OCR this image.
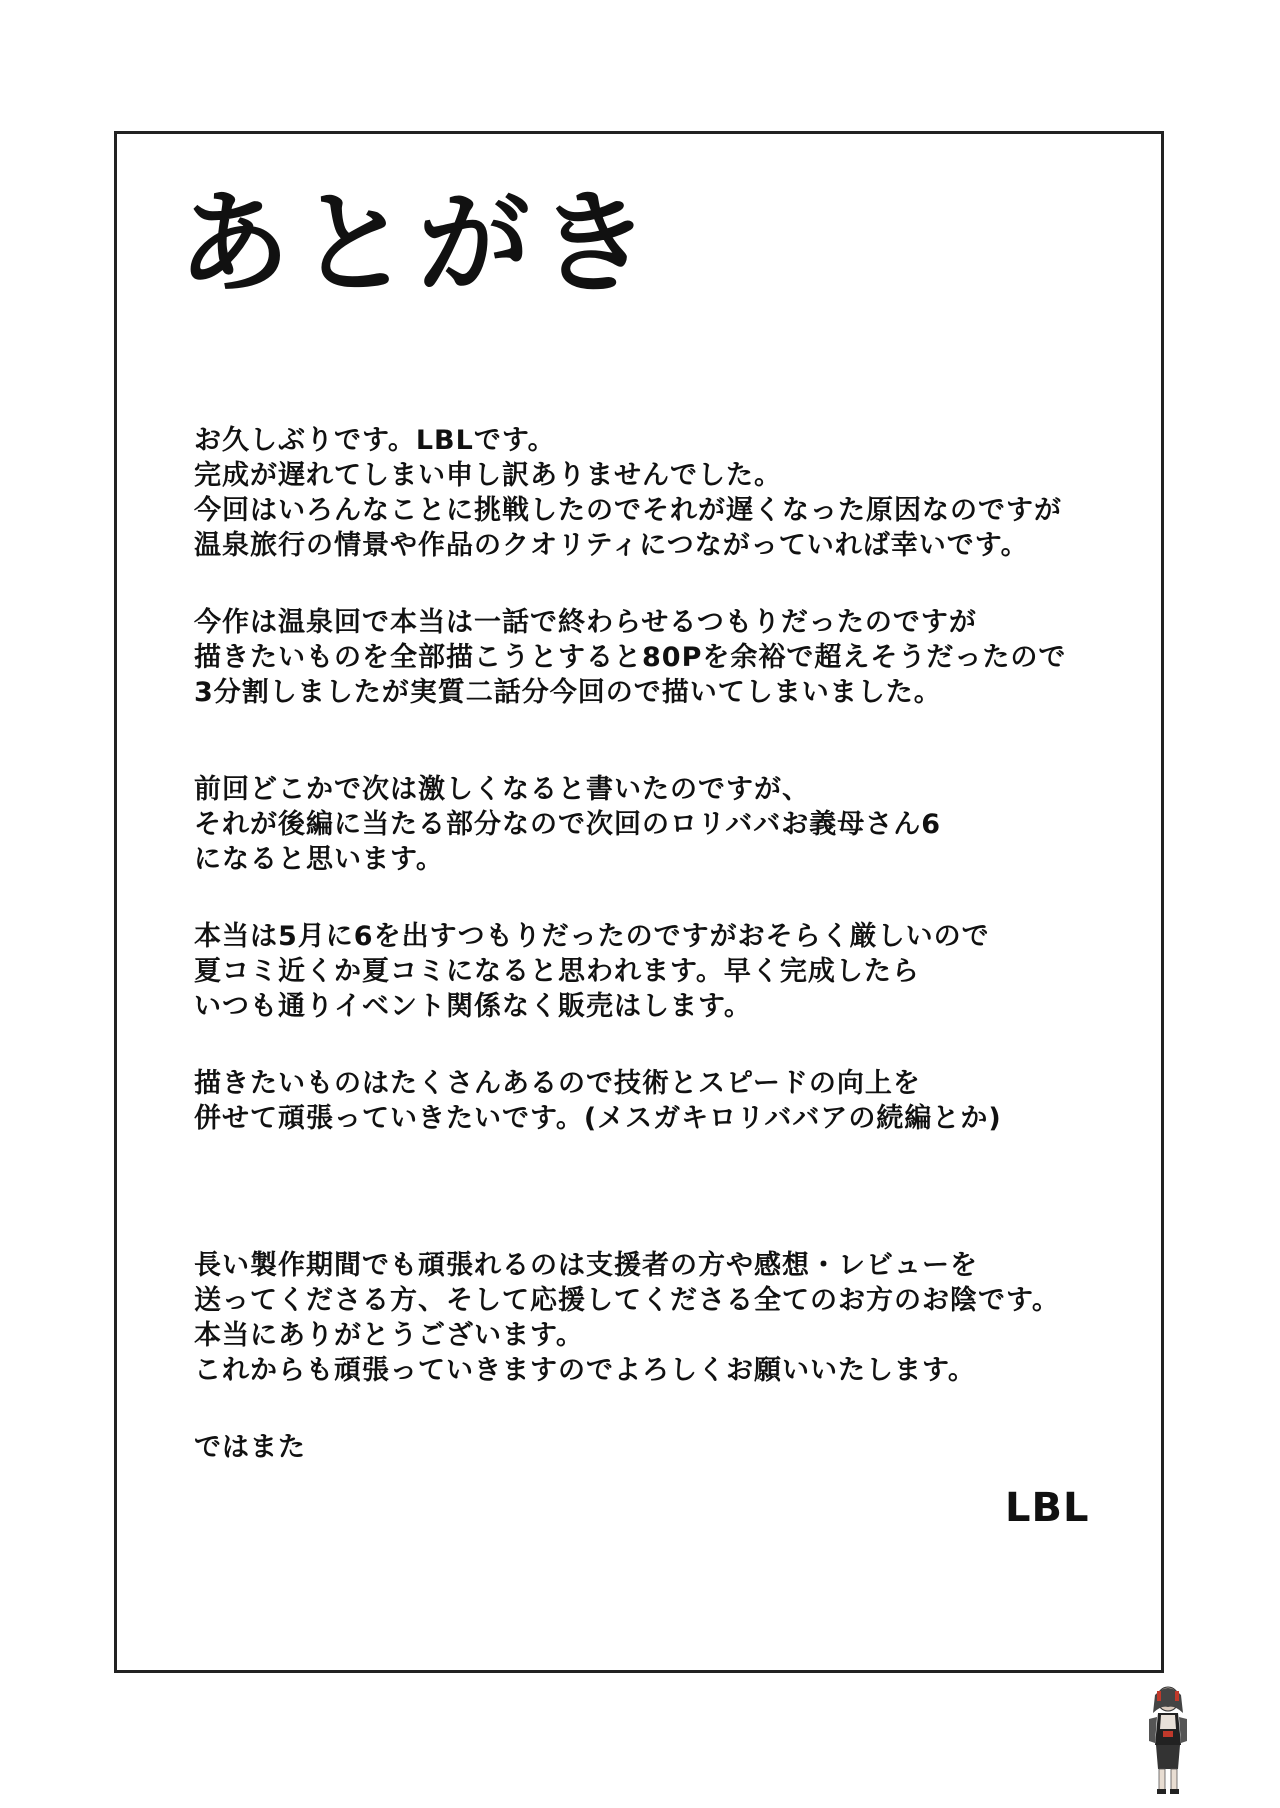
あとがき
お久しぶりです。LBLです。
完成が遅れてしまい申し訳ありませんでした。
今回はいろんなことに挑戦したのでそれが遅くなった原因なのですが
温泉旅行の情景や作品のクオリティにつながっていれば幸いです。
今作は温泉回で本当は一話で終わらせるつもりだったのですが
描きたいものを全部描こうとすると80Pを余裕で超えそうだったので
3分割しましたが実質二話分今回ので描いてしまいました。
前回どこかで次は激しくなると書いたのですが、
それが後編に当たる部分なので次回のロリババお義母さん6
になると思います。
本当は5月に6を出すつもりだったのですがおそらく厳しいので
夏コミ近くか夏コミになると思われます。早く完成したら
いつも通りイベント関係なく販売はします。
描きたいものはたくさんあるので技術とスピードの向上を
併せて頑張っていきたいです。(メスガキロリババアの続編とか)
長い製作期間でも頑張れるのは支援者の方や感想・レビューを
送ってくださる方、そして応援してくださる全てのお方のお陰です。
本当にありがとうございます。
これからも頑張っていきますのでよろしくお願いいたします。
ではまた
LBL
